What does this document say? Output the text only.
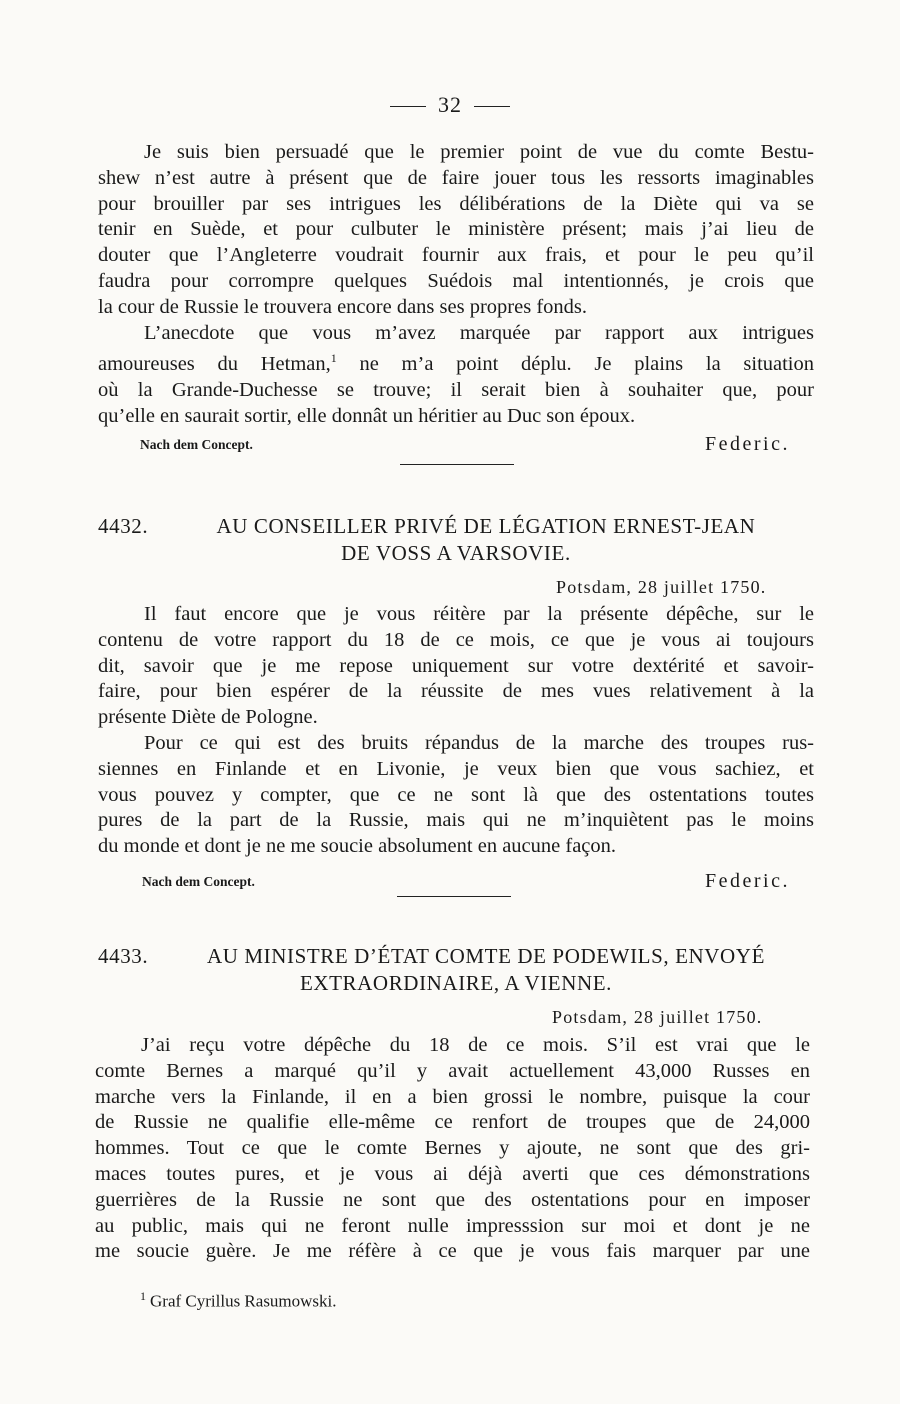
32
Je suis bien persuadé que le premier point de vue du comte Bestu-
shew n’est autre à présent que de faire jouer tous les ressorts imaginables
pour brouiller par ses intrigues les délibérations de la Diète qui va se
tenir en Suède, et pour culbuter le ministère présent; mais j’ai lieu de
douter que l’Angleterre voudrait fournir aux frais, et pour le peu qu’il
faudra pour corrompre quelques Suédois mal intentionnés, je crois que
la cour de Russie le trouvera encore dans ses propres fonds.
L’anecdote que vous m’avez marquée par rapport aux intrigues
amoureuses du Hetman,$^1$ ne m’a point déplu. Je plains la situation
où la Grande-Duchesse se trouve; il serait bien à souhaiter que, pour
qu’elle en saurait sortir, elle donnât un héritier au Duc son époux.
Nach dem Concept.	Federic.
4432.	AU CONSEILLER PRIVÉ DE LÉGATION ERNEST-JEAN
DE VOSS A VARSOVIE.
Potsdam, 28 juillet 1750.
Il faut encore que je vous réitère par la présente dépêche, sur le
contenu de votre rapport du 18 de ce mois, ce que je vous ai toujours
dit, savoir que je me repose uniquement sur votre dextérité et savoir-
faire, pour bien espérer de la réussite de mes vues relativement à la
présente Diète de Pologne.
Pour ce qui est des bruits répandus de la marche des troupes rus-
siennes en Finlande et en Livonie, je veux bien que vous sachiez, et
vous pouvez y compter, que ce ne sont là que des ostentations toutes
pures de la part de la Russie, mais qui ne m’inquiètent pas le moins
du monde et dont je ne me soucie absolument en aucune façon.
Nach dem Concept.	Federic.
4433.	AU MINISTRE D’ÉTAT COMTE DE PODEWILS, ENVOYÉ
EXTRAORDINAIRE, A VIENNE.
Potsdam, 28 juillet 1750.
J’ai reçu votre dépêche du 18 de ce mois. S’il est vrai que le
comte Bernes a marqué qu’il y avait actuellement 43,000 Russes en
marche vers la Finlande, il en a bien grossi le nombre, puisque la cour
de Russie ne qualifie elle-même ce renfort de troupes que de 24,000
hommes. Tout ce que le comte Bernes y ajoute, ne sont que des gri-
maces toutes pures, et je vous ai déjà averti que ces démonstrations
guerrières de la Russie ne sont que des ostentations pour en imposer
au public, mais qui ne feront nulle impresssion sur moi et dont je ne
me soucie guère. Je me réfère à ce que je vous fais marquer par une
$^1$ Graf Cyrillus Rasumowski.
